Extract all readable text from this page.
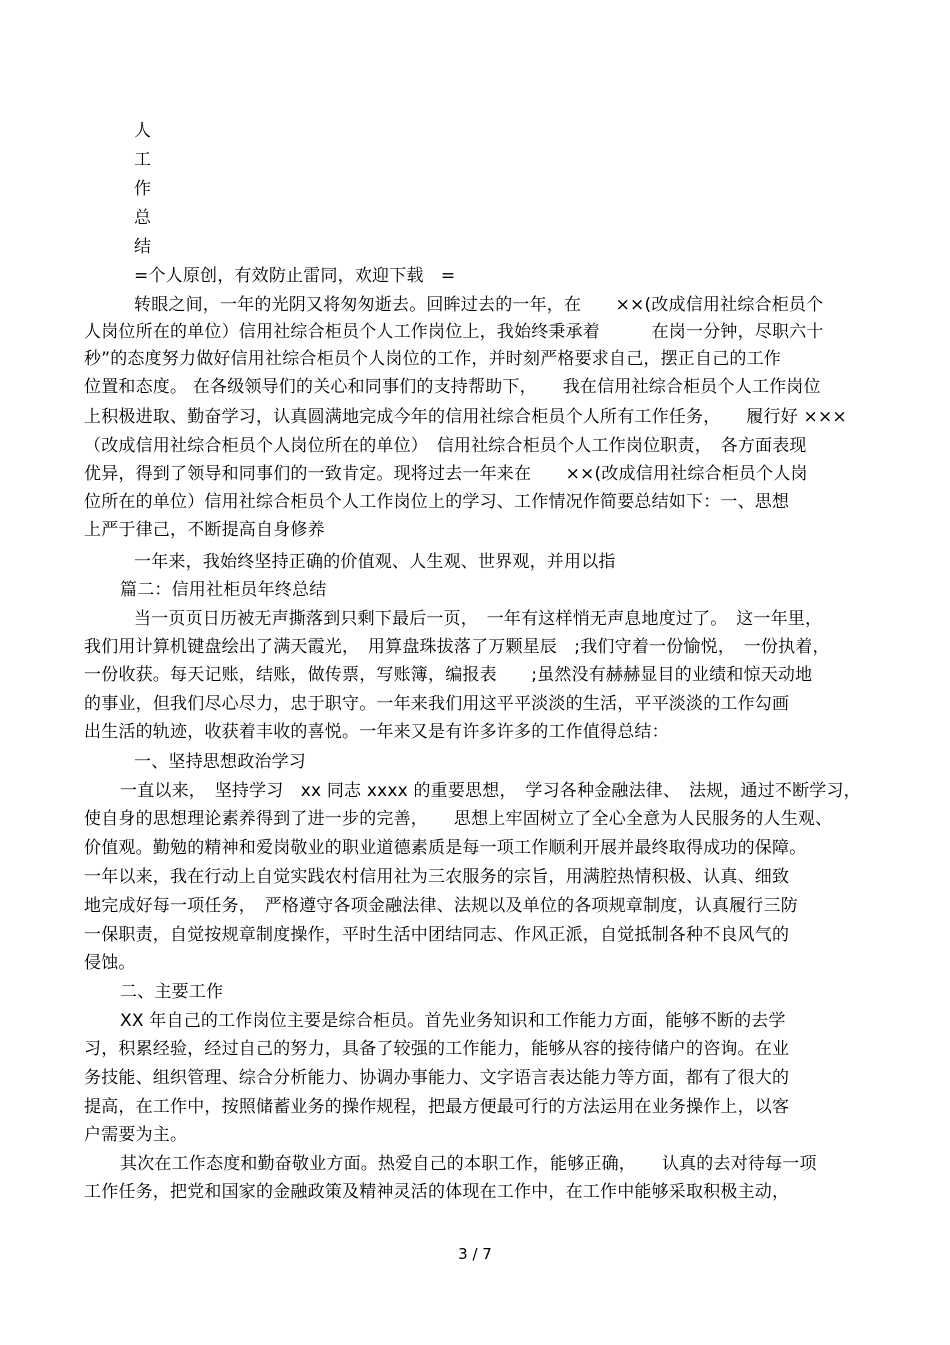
人
工
作
总
结
=个人原创，有效防止雷同，欢迎下载　=
转眼之间，一年的光阴又将匆匆逝去。回眸过去的一年，在　　××(改成信用社综合柜员个
人岗位所在的单位）信用社综合柜员个人工作岗位上，我始终秉承着　　　在岗一分钟，尽职六十
秒”的态度努力做好信用社综合柜员个人岗位的工作，并时刻严格要求自己，摆正自己的工作
位置和态度。 在各级领导们的关心和同事们的支持帮助下，　　我在信用社综合柜员个人工作岗位
上积极进取、勤奋学习，认真圆满地完成今年的信用社综合柜员个人所有工作任务，　　履行好 ×××
（改成信用社综合柜员个人岗位所在的单位）　信用社综合柜员个人工作岗位职责，　各方面表现
优异，得到了领导和同事们的一致肯定。现将过去一年来在　　××(改成信用社综合柜员个人岗
位所在的单位）信用社综合柜员个人工作岗位上的学习、工作情况作简要总结如下：一、思想
上严于律己，不断提高自身修养
一年来，我始终坚持正确的价值观、人生观、世界观，并用以指
篇二：信用社柜员年终总结
当一页页日历被无声撕落到只剩下最后一页，　一年有这样悄无声息地度过了。　这一年里，
我们用计算机键盘绘出了满天霞光，　用算盘珠拔落了万颗星辰　;我们守着一份愉悦，　一份执着，
一份收获。每天记账，结账，做传票，写账簿，编报表　　;虽然没有赫赫显目的业绩和惊天动地
的事业，但我们尽心尽力，忠于职守。一年来我们用这平平淡淡的生活，平平淡淡的工作勾画
出生活的轨迹，收获着丰收的喜悦。一年来又是有许多许多的工作值得总结：
一、坚持思想政治学习
一直以来，　坚持学习　xx 同志 xxxx 的重要思想，　学习各种金融法律、　法规，通过不断学习，
使自身的思想理论素养得到了进一步的完善，　　思想上牢固树立了全心全意为人民服务的人生观、
价值观。勤勉的精神和爱岗敬业的职业道德素质是每一项工作顺利开展并最终取得成功的保障。
一年以来，我在行动上自觉实践农村信用社为三农服务的宗旨，用满腔热情积极、认真、细致
地完成好每一项任务，　严格遵守各项金融法律、法规以及单位的各项规章制度，认真履行三防
一保职责，自觉按规章制度操作，平时生活中团结同志、作风正派，自觉抵制各种不良风气的
侵蚀。
二、主要工作
XX 年自己的工作岗位主要是综合柜员。首先业务知识和工作能力方面，能够不断的去学
习，积累经验，经过自己的努力，具备了较强的工作能力，能够从容的接待储户的咨询。在业
务技能、组织管理、综合分析能力、协调办事能力、文字语言表达能力等方面，都有了很大的
提高，在工作中，按照储蓄业务的操作规程，把最方便最可行的方法运用在业务操作上，以客
户需要为主。
其次在工作态度和勤奋敬业方面。热爱自己的本职工作，能够正确，　　认真的去对待每一项
工作任务，把党和国家的金融政策及精神灵活的体现在工作中，在工作中能够采取积极主动，
3 / 7
